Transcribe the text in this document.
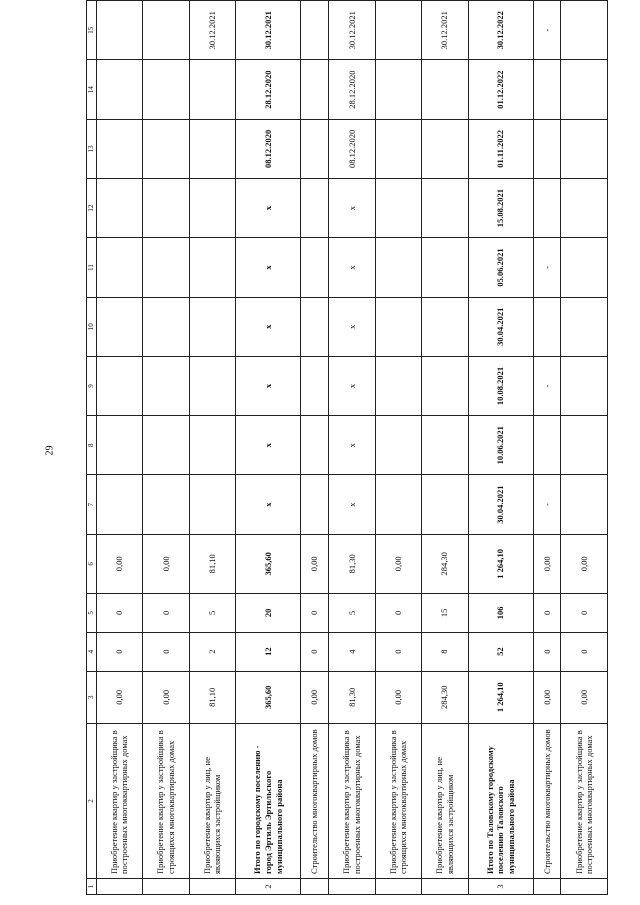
29
1	2	3	4	5	6	7	8	9	10	11	12	13	14	15
	Приобретение квартир у застройщика в построенных многоквартирных домах	0,00	0	0	0,00									
	Приобретение квартир у застройщика в строящихся многоквартирных домах	0,00	0	0	0,00									
	Приобретение квартир у лиц, не являющихся застройщиком	81,10	2	5	81,10									30.12.2021
2	Итого по городскому поселению - город Эртиль Эртильского муниципального района	365,60	12	20	365,60	x	x	x	x	x	x	08.12.2020	28.12.2020	30.12.2021
	Строительство многоквартирных домов	0,00	0	0	0,00									
	Приобретение квартир у застройщика в построенных многоквартирных домах	81,30	4	5	81,30	x	x	x	x	x	x	08.12.2020	28.12.2020	30.12.2021
	Приобретение квартир у застройщика в строящихся многоквартирных домах	0,00	0	0	0,00									
	Приобретение квартир у лиц, не являющихся застройщиком	284,30	8	15	284,30									30.12.2021
3	Итого по Таловскому городскому поселению Таловского муниципального района	1 264,10	52	106	1 264,10	30.04.2021	10.06.2021	10.08.2021	30.04.2021	05.06.2021	15.08.2021	01.11.2022	01.12.2022	30.12.2022
	Строительство многоквартирных домов	0,00	0	0	0,00	-		-		-				-
	Приобретение квартир у застройщика в построенных многоквартирных домах	0,00	0	0	0,00									
